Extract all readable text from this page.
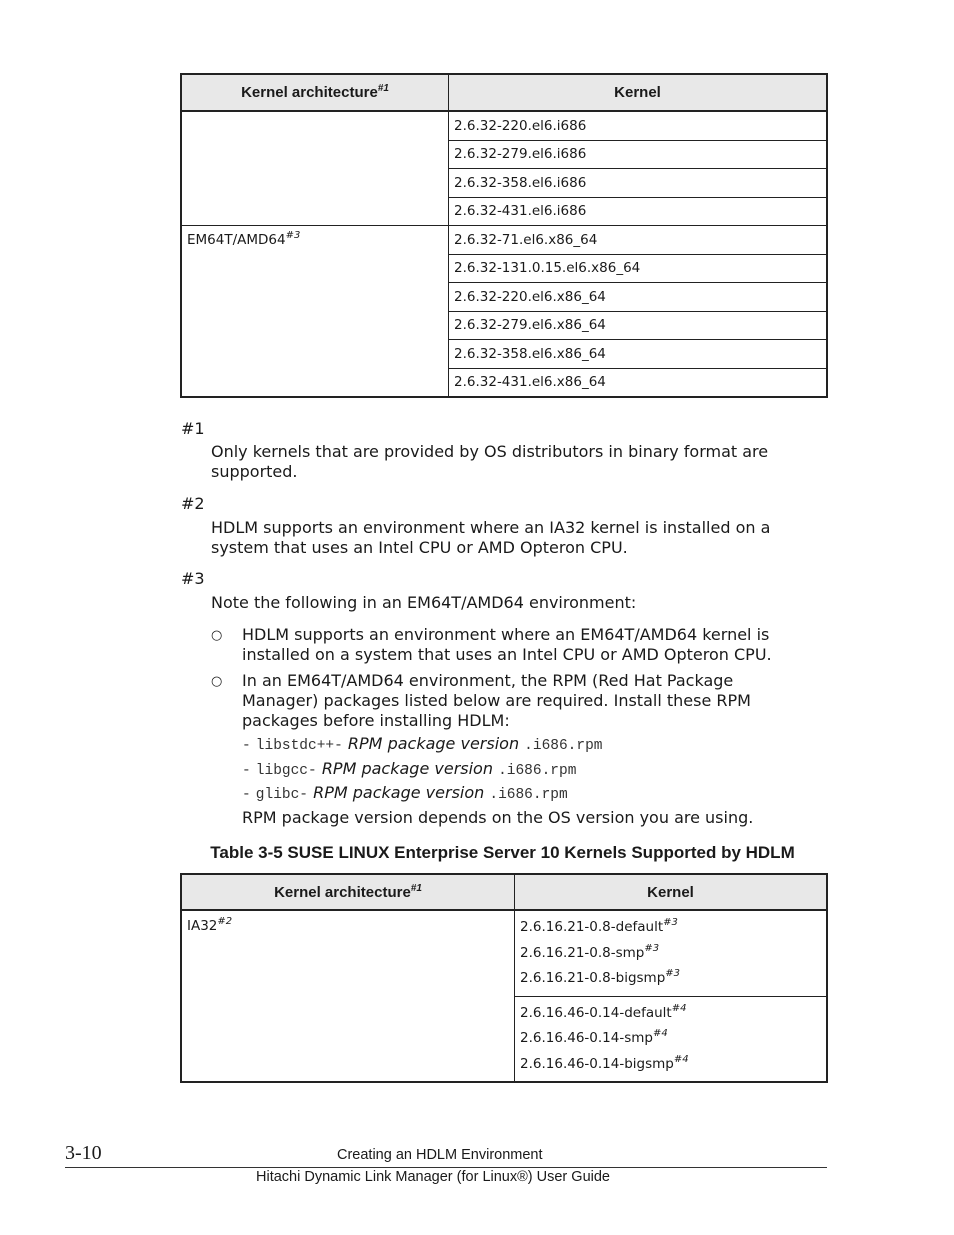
Kernel architecture$^{\#1}$	Kernel
	2.6.32-220.el6.i686
	2.6.32-279.el6.i686
	2.6.32-358.el6.i686
	2.6.32-431.el6.i686
EM64T/AMD64$^{\#3}$	2.6.32-71.el6.x86_64
	2.6.32-131.0.15.el6.x86_64
	2.6.32-220.el6.x86_64
	2.6.32-279.el6.x86_64
	2.6.32-358.el6.x86_64
	2.6.32-431.el6.x86_64
#1
Only kernels that are provided by OS distributors in binary format are supported.
#2
HDLM supports an environment where an IA32 kernel is installed on a system that uses an Intel CPU or AMD Opteron CPU.
#3
Note the following in an EM64T/AMD64 environment:
○ HDLM supports an environment where an EM64T/AMD64 kernel is installed on a system that uses an Intel CPU or AMD Opteron CPU.
○ In an EM64T/AMD64 environment, the RPM (Red Hat Package Manager) packages listed below are required. Install these RPM packages before installing HDLM:
- libstdc++- RPM package version .i686.rpm
- libgcc- RPM package version .i686.rpm
- glibc- RPM package version .i686.rpm
RPM package version depends on the OS version you are using.
Table 3-5 SUSE LINUX Enterprise Server 10 Kernels Supported by HDLM
Kernel architecture$^{\#1}$	Kernel
IA32$^{\#2}$	2.6.16.21-0.8-default$^{\#3}$
2.6.16.21-0.8-smp$^{\#3}$
2.6.16.21-0.8-bigsmp$^{\#3}$

	2.6.16.46-0.14-default$^{\#4}$
2.6.16.46-0.14-smp$^{\#4}$
2.6.16.46-0.14-bigsmp$^{\#4}$
3-10	Creating an HDLM Environment
Hitachi Dynamic Link Manager (for Linux®) User Guide
